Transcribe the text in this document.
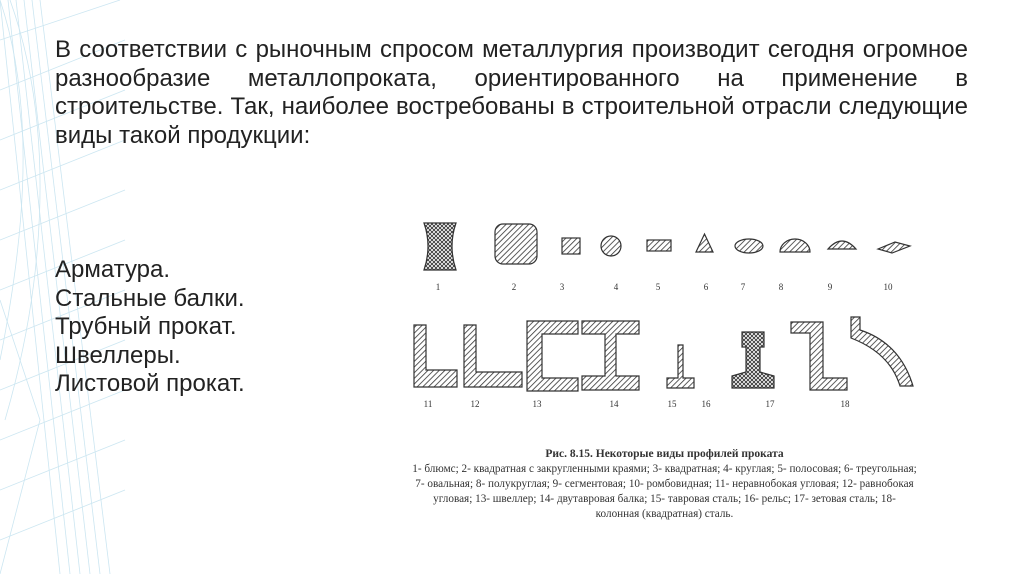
В соответствии с рыночным спросом металлургия производит сегодня огромное разнообразие металлопроката, ориентированного на применение в строительстве. Так, наиболее востребованы в строительной отрасли следующие виды такой продукции:

Арматура.
Стальные балки.
Трубный прокат.
Швеллеры.
Листовой прокат.
1	2	3	4	5	6	7	8	9	10
11	12	13	14	15	16	17	18
Рис. 8.15. Некоторые виды профилей проката
1- блюмс; 2- квадратная с закругленными краями; 3- квадратная; 4- круглая; 5- полосовая; 6- треугольная; 7- овальная; 8- полукруглая; 9- сегментовая; 10- ромбовидная; 11- неравнобокая угловая; 12- равнобокая угловая; 13- швеллер; 14- двутавровая балка; 15- тавровая сталь; 16- рельс; 17- зетовая сталь; 18- колонная (квадратная) сталь.
